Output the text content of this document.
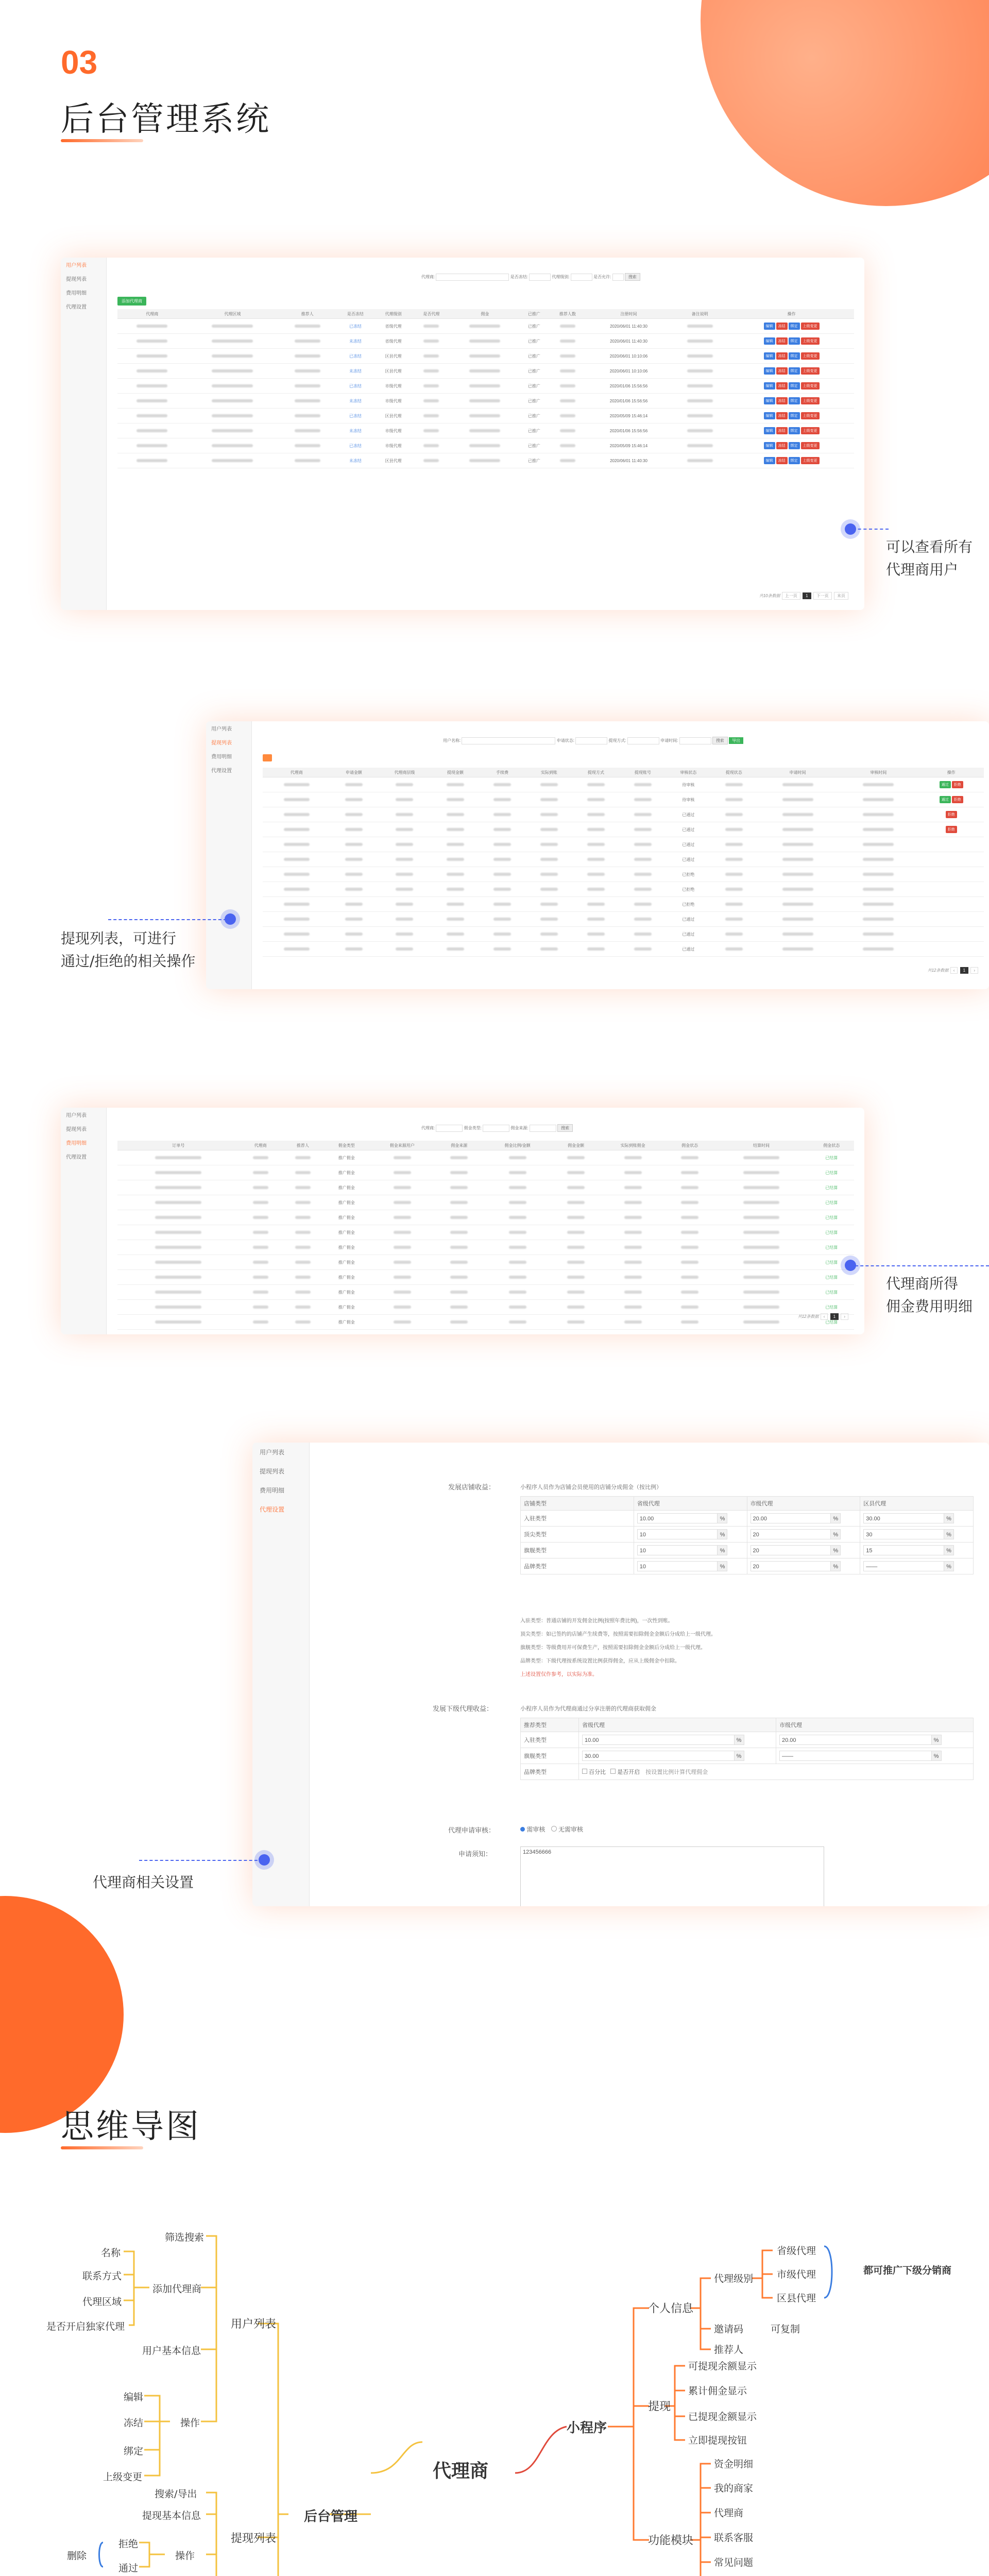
03
后台管理系统
用户列表
提现列表
费用明细
代理设置
代理商:	是否冻结:	代理级别:	是否允许:	搜索
添加代理商
代理商	代理区域	推荐人	是否冻结	代理级别	是否代理	佣金	已推广	推荐人数	注册时间	备注说明	操作
			已冻结	省级代理			已推广		2020/06/01 11:40:30		编辑 冻结 绑定 上级变更
			未冻结	省级代理			已推广		2020/06/01 11:40:30		编辑 冻结 绑定 上级变更
			已冻结	区县代理			已推广		2020/06/01 10:10:06		编辑 冻结 绑定 上级变更
			未冻结	区县代理			已推广		2020/06/01 10:10:06		编辑 冻结 绑定 上级变更
			已冻结	市级代理			已推广		2020/01/06 15:56:56		编辑 冻结 绑定 上级变更
			未冻结	市级代理			已推广		2020/01/06 15:56:56		编辑 冻结 绑定 上级变更
			已冻结	区县代理			已推广		2020/05/09 15:46:14		编辑 冻结 绑定 上级变更
			未冻结	市级代理			已推广		2020/01/06 15:56:56		编辑 冻结 绑定 上级变更
			已冻结	市级代理			已推广		2020/05/09 15:46:14		编辑 冻结 绑定 上级变更
			未冻结	区县代理			已推广		2020/06/01 11:40:30		编辑 冻结 绑定 上级变更
共10条数据 上一页 1 下一页 末页
可以查看所有
代理商用户
用户列表
提现列表
费用明细
代理设置
用户名称:	申请状态:	提现方式:	申请时间:	搜索 导出
代理商	申请金额	代理商层级	提现金额	手续费	实际到账	提现方式	提现账号	审核状态	提现状态	申请时间	审核时间	操作
								待审核				通过 拒绝
								待审核				通过 拒绝
								已通过				拒绝
								已通过				拒绝
								已通过				
								已通过				
								已拒绝				
								已拒绝				
								已拒绝				
								已通过				
								已通过				
								已通过				
共12条数据 ‹ 1 ›
提现列表，可进行
通过/拒绝的相关操作
用户列表
提现列表
费用明细
代理设置
代理商:	佣金类型:	佣金来源:	搜索
订单号	代理商	推荐人	佣金类型	佣金来源用户	佣金来源	佣金比例/金额	佣金金额	实际到账佣金	佣金状态	结算时间	佣金状态
			推广佣金								已结算
			推广佣金								已结算
			推广佣金								已结算
			推广佣金								已结算
			推广佣金								已结算
			推广佣金								已结算
			推广佣金								已结算
			推广佣金								已结算
			推广佣金								已结算
			推广佣金								已结算
			推广佣金								已结算
			推广佣金								已结算
共12条数据 ‹ 1 ›
代理商所得
佣金费用明细
用户列表
提现列表
费用明细
代理设置
发展店铺收益：	小程序人员作为店铺会员使用的店铺分成佣金（按比例）
店铺类型	省级代理	市级代理	区县代理
入驻类型	10.00 %	20.00 %	30.00 %

顶尖类型	10 %	20 %	30 %

旗舰类型	10 %	20 %	15 %

品牌类型	10 %	20 %	—— %
入驻类型：普通店铺的开发佣金比例(按照年费比例)，一次性到账。
顶尖类型：如已签约的店铺产生续费等，按照需要扣除佣金金额后分成给上一级代理。
旗舰类型：等级费用并可保费生产，按照需要扣除佣金金额后分成给上一级代理。
品牌类型：下级代理按系统设置比例获得佣金，应从上级佣金中扣除。
上述设置仅作参考，以实际为准。
发展下级代理收益：	小程序人员作为代理商通过分享注册的代理商获取佣金
推荐类型	省级代理	市级代理
入驻类型	10.00 %	20.00 %

旗舰类型	30.00 %	—— %

品牌类型	百分比 是否开启 按设置比例计算代理佣金	
代理申请审核：	需审核 无需审核
申请须知：	123456666
代理商相关设置
04
思维导图
代理商
后台管理
小程序
用户列表
筛选搜索
添加代理商
用户基本信息
操作
名称
联系方式
代理区域
是否开启独家代理
编辑
冻结
绑定
上级变更
提现列表
搜索/导出
提现基本信息
操作
拒绝
通过
删除
个人信息
代理级别
省级代理
市级代理
区县代理
都可推广下级分销商
邀请码	可复制
推荐人
提现
可提现余额显示
累计佣金显示
已提现金额显示
立即提现按钮
功能模块
资金明细
我的商家
代理商
联系客服
常见问题
